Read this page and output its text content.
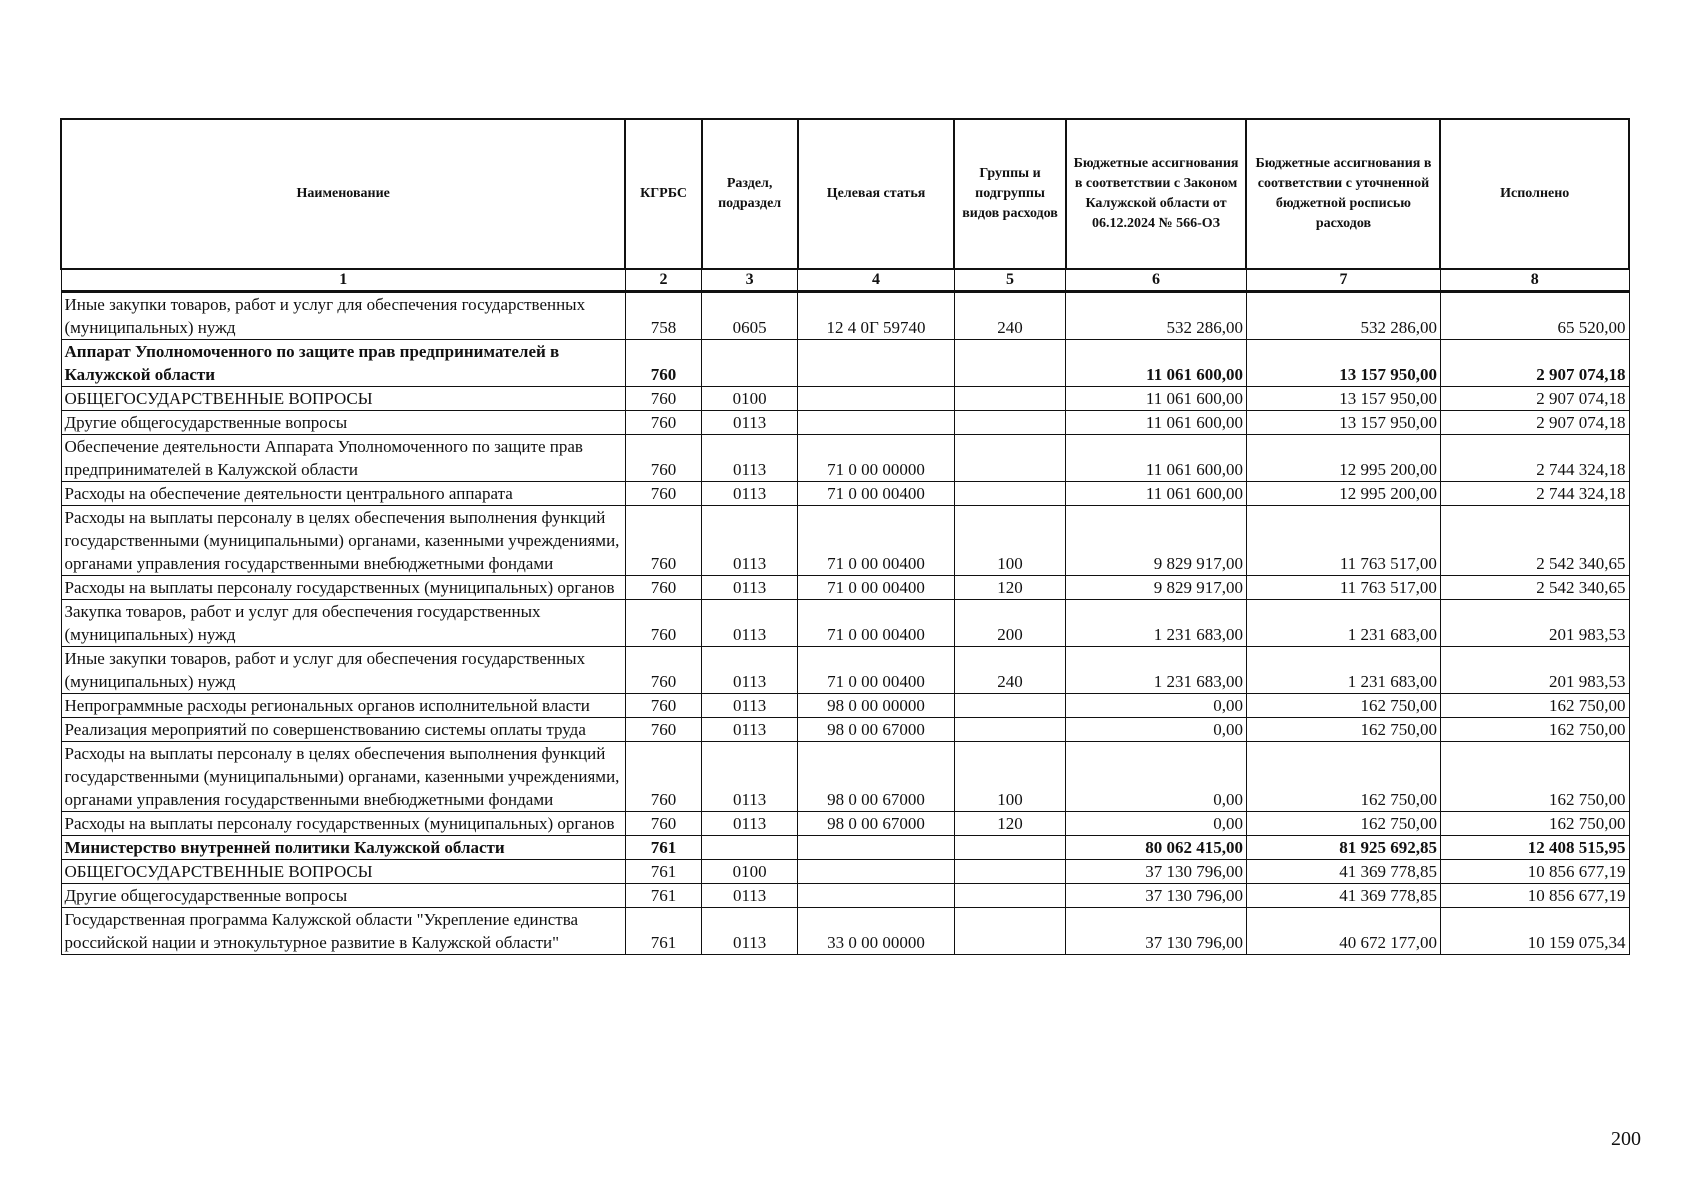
Наименование	КГРБС	Раздел, подраздел	Целевая статья	Группы и подгруппы видов расходов	Бюджетные ассигнования в соответствии с Законом Калужской области от 06.12.2024 № 566-ОЗ	Бюджетные ассигнования в соответствии с уточненной бюджетной росписью расходов	Исполнено
1	2	3	4	5	6	7	8
Иные закупки товаров, работ и услуг для обеспечения государственных (муниципальных) нужд	758	0605	12 4 0Г 59740	240	532 286,00	532 286,00	65 520,00
Аппарат Уполномоченного по защите прав предпринимателей в Калужской области	760				11 061 600,00	13 157 950,00	2 907 074,18
ОБЩЕГОСУДАРСТВЕННЫЕ ВОПРОСЫ	760	0100			11 061 600,00	13 157 950,00	2 907 074,18
Другие общегосударственные вопросы	760	0113			11 061 600,00	13 157 950,00	2 907 074,18
Обеспечение деятельности Аппарата Уполномоченного по защите прав предпринимателей в Калужской области	760	0113	71 0 00 00000		11 061 600,00	12 995 200,00	2 744 324,18
Расходы на обеспечение деятельности центрального аппарата	760	0113	71 0 00 00400		11 061 600,00	12 995 200,00	2 744 324,18
Расходы на выплаты персоналу в целях обеспечения выполнения функций государственными (муниципальными) органами, казенными учреждениями, органами управления государственными внебюджетными фондами	760	0113	71 0 00 00400	100	9 829 917,00	11 763 517,00	2 542 340,65
Расходы на выплаты персоналу государственных (муниципальных) органов	760	0113	71 0 00 00400	120	9 829 917,00	11 763 517,00	2 542 340,65
Закупка товаров, работ и услуг для обеспечения государственных (муниципальных) нужд	760	0113	71 0 00 00400	200	1 231 683,00	1 231 683,00	201 983,53
Иные закупки товаров, работ и услуг для обеспечения государственных (муниципальных) нужд	760	0113	71 0 00 00400	240	1 231 683,00	1 231 683,00	201 983,53
Непрограммные расходы региональных органов исполнительной власти	760	0113	98 0 00 00000		0,00	162 750,00	162 750,00
Реализация мероприятий по совершенствованию системы оплаты труда	760	0113	98 0 00 67000		0,00	162 750,00	162 750,00
Расходы на выплаты персоналу в целях обеспечения выполнения функций государственными (муниципальными) органами, казенными учреждениями, органами управления государственными внебюджетными фондами	760	0113	98 0 00 67000	100	0,00	162 750,00	162 750,00
Расходы на выплаты персоналу государственных (муниципальных) органов	760	0113	98 0 00 67000	120	0,00	162 750,00	162 750,00
Министерство внутренней политики Калужской области	761				80 062 415,00	81 925 692,85	12 408 515,95
ОБЩЕГОСУДАРСТВЕННЫЕ ВОПРОСЫ	761	0100			37 130 796,00	41 369 778,85	10 856 677,19
Другие общегосударственные вопросы	761	0113			37 130 796,00	41 369 778,85	10 856 677,19
Государственная программа Калужской области "Укрепление единства российской нации и этнокультурное развитие в Калужской области"	761	0113	33 0 00 00000		37 130 796,00	40 672 177,00	10 159 075,34
200
